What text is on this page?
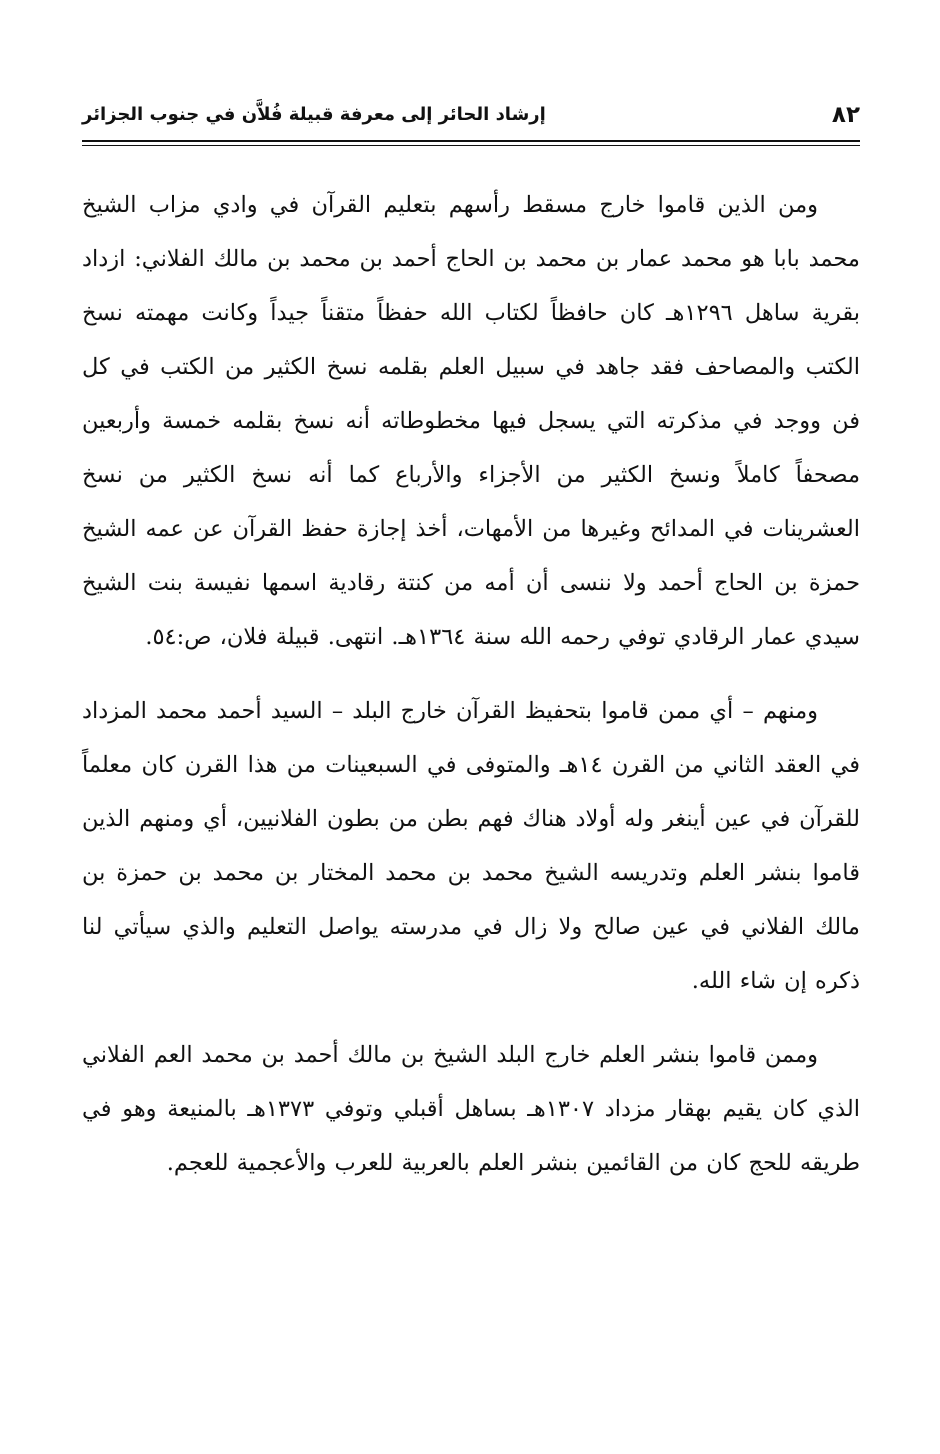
٨٢
إرشاد الحائر إلى معرفة قبيلة فُلاَّن في جنوب الجزائر

ومن الذين قاموا خارج مسقط رأسهم بتعليم القرآن في وادي مزاب الشيخ محمد بابا هو محمد عمار بن محمد بن الحاج أحمد بن محمد بن مالك الفلاني: ازداد بقرية ساهل ١٢٩٦هـ كان حافظاً لكتاب الله حفظاً متقناً جيداً وكانت مهمته نسخ الكتب والمصاحف فقد جاهد في سبيل العلم بقلمه نسخ الكثير من الكتب في كل فن ووجد في مذكرته التي يسجل فيها مخطوطاته أنه نسخ بقلمه خمسة وأربعين مصحفاً كاملاً ونسخ الكثير من الأجزاء والأرباع كما أنه نسخ الكثير من نسخ العشرينات في المدائح وغيرها من الأمهات، أخذ إجازة حفظ القرآن عن عمه الشيخ حمزة بن الحاج أحمد ولا ننسى أن أمه من كنتة رقادية اسمها نفيسة بنت الشيخ سيدي عمار الرقادي توفي رحمه الله سنة ١٣٦٤هـ. انتهى. قبيلة فلان، ص:٥٤.

ومنهم – أي ممن قاموا بتحفيظ القرآن خارج البلد – السيد أحمد محمد المزداد في العقد الثاني من القرن ١٤هـ والمتوفى في السبعينات من هذا القرن كان معلماً للقرآن في عين أينغر وله أولاد هناك فهم بطن من بطون الفلانيين، أي ومنهم الذين قاموا بنشر العلم وتدريسه الشيخ محمد بن محمد المختار بن محمد بن حمزة بن مالك الفلاني في عين صالح ولا زال في مدرسته يواصل التعليم والذي سيأتي لنا ذكره إن شاء الله.

وممن قاموا بنشر العلم خارج البلد الشيخ بن مالك أحمد بن محمد العم الفلاني الذي كان يقيم بهقار مزداد ١٣٠٧هـ بساهل أقبلي وتوفي ١٣٧٣هـ بالمنيعة وهو في طريقه للحج كان من القائمين بنشر العلم بالعربية للعرب والأعجمية للعجم.
